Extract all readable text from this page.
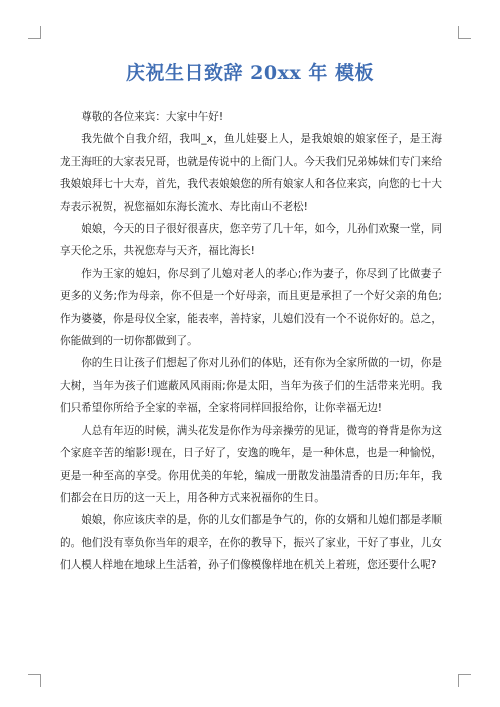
庆祝生日致辞 20xx 年 模板

尊敬的各位来宾：大家中午好!

我先做个自我介绍，我叫_x，鱼儿娃娶上人，是我娘娘的娘家侄子，是王海龙王海旺的大家表兄哥，也就是传说中的上衙门人。今天我们兄弟姊妹们专门来给我娘娘拜七十大寿，首先，我代表娘娘您的所有娘家人和各位来宾，向您的七十大寿表示祝贺，祝您福如东海长流水、寿比南山不老松!

娘娘，今天的日子很好很喜庆，您辛劳了几十年，如今，儿孙们欢聚一堂，同享天伦之乐，共祝您寿与天齐，福比海长!

作为王家的媳妇，你尽到了儿媳对老人的孝心;作为妻子，你尽到了比做妻子更多的义务;作为母亲，你不但是一个好母亲，而且更是承担了一个好父亲的角色;作为婆婆，你是母仪全家，能表率，善持家，儿媳们没有一个不说你好的。总之，你能做到的一切你都做到了。

你的生日让孩子们想起了你对儿孙们的体贴，还有你为全家所做的一切，你是大树，当年为孩子们遮蔽风风雨雨;你是太阳，当年为孩子们的生活带来光明。我们只希望你所给予全家的幸福，全家将同样回报给你，让你幸福无边!

人总有年迈的时候，满头花发是你作为母亲操劳的见证，微弯的脊背是你为这个家庭辛苦的缩影!现在，日子好了，安逸的晚年，是一种休息，也是一种愉悦，更是一种至高的享受。你用优美的年轮，编成一册散发油墨清香的日历;年年，我们都会在日历的这一天上，用各种方式来祝福你的生日。

娘娘，你应该庆幸的是，你的儿女们都是争气的，你的女婿和儿媳们都是孝顺的。他们没有辜负你当年的艰辛，在你的教导下，振兴了家业，干好了事业，儿女们人模人样地在地球上生活着，孙子们像模像样地在机关上着班，您还要什么呢?
